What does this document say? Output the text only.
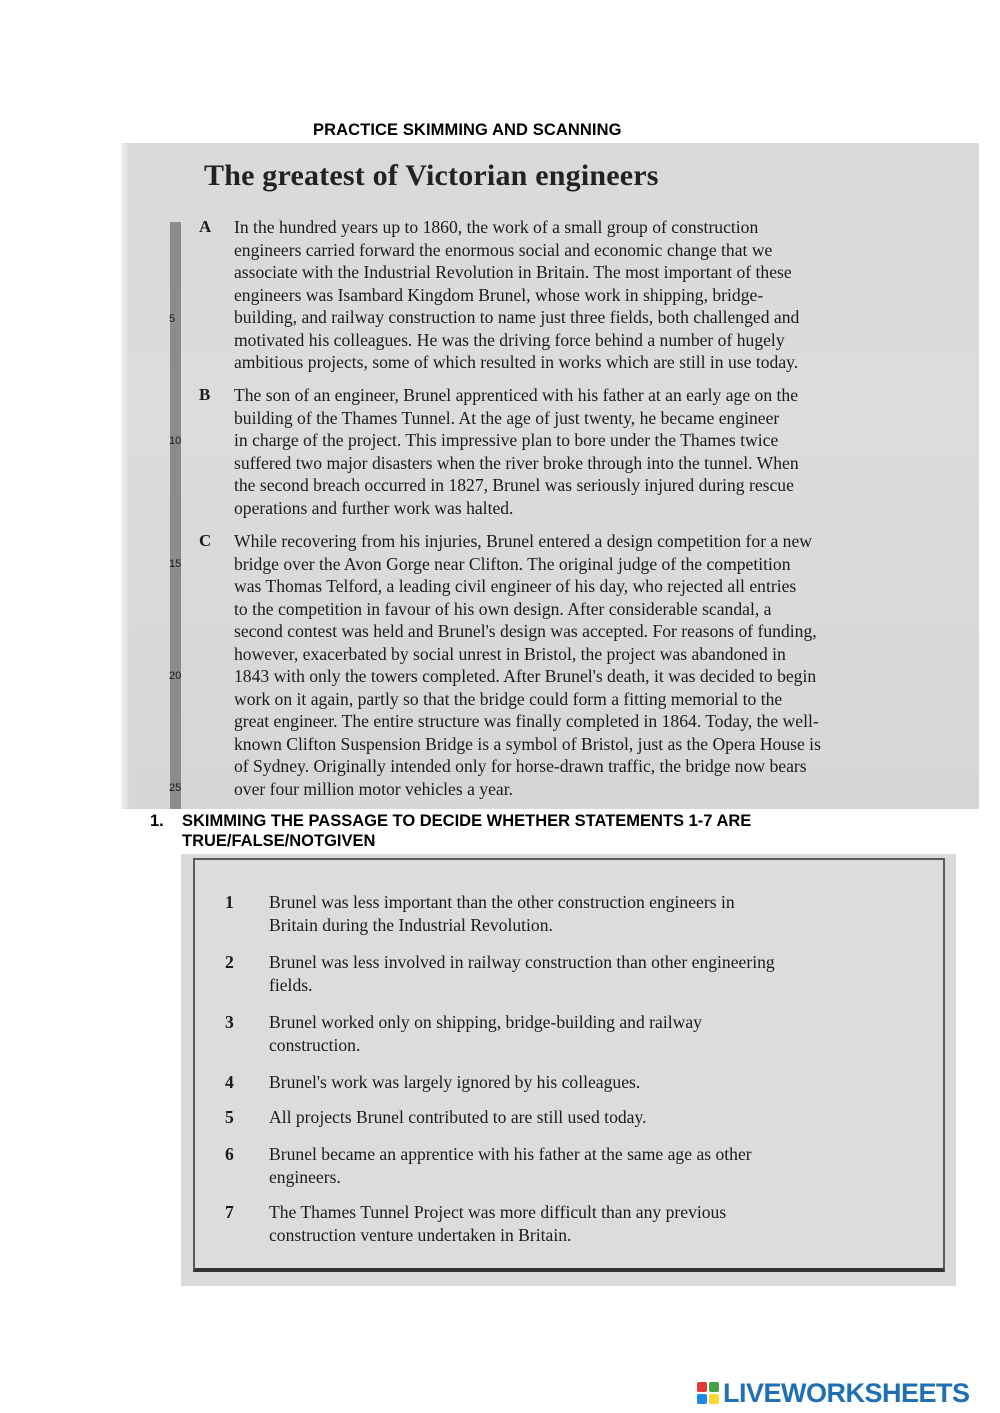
PRACTICE SKIMMING AND SCANNING
5
10
15
20
25
The greatest of Victorian engineers
A In the hundred years up to 1860, the work of a small group of construction
engineers carried forward the enormous social and economic change that we
associate with the Industrial Revolution in Britain. The most important of these
engineers was Isambard Kingdom Brunel, whose work in shipping, bridge-
building, and railway construction to name just three fields, both challenged and
motivated his colleagues. He was the driving force behind a number of hugely
ambitious projects, some of which resulted in works which are still in use today.
B The son of an engineer, Brunel apprenticed with his father at an early age on the
building of the Thames Tunnel. At the age of just twenty, he became engineer
in charge of the project. This impressive plan to bore under the Thames twice
suffered two major disasters when the river broke through into the tunnel. When
the second breach occurred in 1827, Brunel was seriously injured during rescue
operations and further work was halted.
C While recovering from his injuries, Brunel entered a design competition for a new
bridge over the Avon Gorge near Clifton. The original judge of the competition
was Thomas Telford, a leading civil engineer of his day, who rejected all entries
to the competition in favour of his own design. After considerable scandal, a
second contest was held and Brunel's design was accepted. For reasons of funding,
however, exacerbated by social unrest in Bristol, the project was abandoned in
1843 with only the towers completed. After Brunel's death, it was decided to begin
work on it again, partly so that the bridge could form a fitting memorial to the
great engineer. The entire structure was finally completed in 1864. Today, the well-
known Clifton Suspension Bridge is a symbol of Bristol, just as the Opera House is
of Sydney. Originally intended only for horse-drawn traffic, the bridge now bears
over four million motor vehicles a year.

1. SKIMMING THE PASSAGE TO DECIDE WHETHER STATEMENTS 1-7 ARE TRUE/FALSE/NOTGIVEN

1 Brunel was less important than the other construction engineers in
Britain during the Industrial Revolution.
2 Brunel was less involved in railway construction than other engineering
fields.
3 Brunel worked only on shipping, bridge-building and railway
construction.
4 Brunel's work was largely ignored by his colleagues.
5 All projects Brunel contributed to are still used today.
6 Brunel became an apprentice with his father at the same age as other
engineers.
7 The Thames Tunnel Project was more difficult than any previous
construction venture undertaken in Britain.
LIVEWORKSHEETS
